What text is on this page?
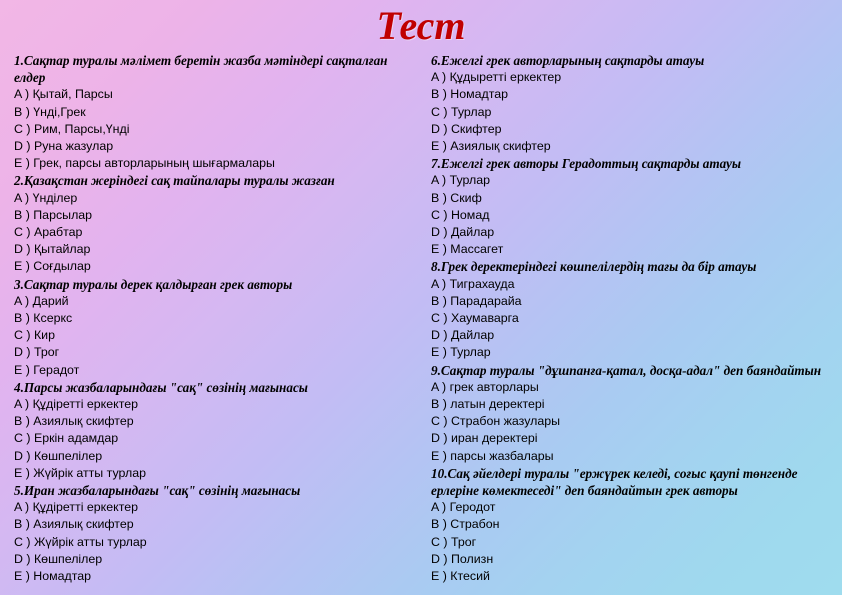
Тест
1.Сақтар туралы мәлімет беретін жазба мәтіндері сақталған елдер
A ) Қытай, Парсы
B ) Үнді,Грек
C ) Рим, Парсы,Үнді
D ) Руна жазулар
E ) Грек, парсы авторларының шығармалары
2.Қазақстан жеріндегі сақ тайпалары туралы жазған
A ) Үнділер
B ) Парсылар
C ) Арабтар
D ) Қытайлар
E ) Соғдылар
3.Сақтар туралы дерек қалдырған грек авторы
A ) Дарий
B ) Ксеркс
C ) Кир
D ) Трог
E ) Герадот
4.Парсы жазбаларындағы "сақ" сөзінің мағынасы
A ) Құдіретті еркектер
B ) Азиялық скифтер
C ) Еркін адамдар
D ) Көшпелілер
E ) Жүйрік атты турлар
5.Иран жазбаларындағы "сақ" сөзінің мағынасы
A ) Құдіретті еркектер
B ) Азиялық скифтер
C ) Жүйрік атты турлар
D ) Көшпелілер
E ) Номадтар
6.Ежелгі грек авторларының сақтарды атауы
A ) Құдыретті еркектер
B ) Номадтар
C ) Турлар
D ) Скифтер
E ) Азиялық скифтер
7.Ежелгі грек авторы Герадоттың сақтарды атауы
A ) Турлар
B ) Скиф
C ) Номад
D ) Дайлар
E ) Массагет
8.Грек деректеріндегі көшпелілердің тағы да бір атауы
A ) Тиграхауда
B ) Парадарайа
C ) Хаумаварга
D ) Дайлар
E ) Турлар
9.Сақтар туралы "дұшпанға-қатал, досқа-адал" деп баяндайтын
A ) грек авторлары
B ) латын деректері
C ) Страбон жазулары
D ) иран деректері
E ) парсы жазбалары
10.Сақ әйелдері туралы "ержүрек келеді, соғыс қаупі төнгенде ерлеріне көмектеседі" деп баяндайтын грек авторы
A ) Геродот
B ) Страбон
C ) Трог
D ) Полизн
E ) Ктесий
